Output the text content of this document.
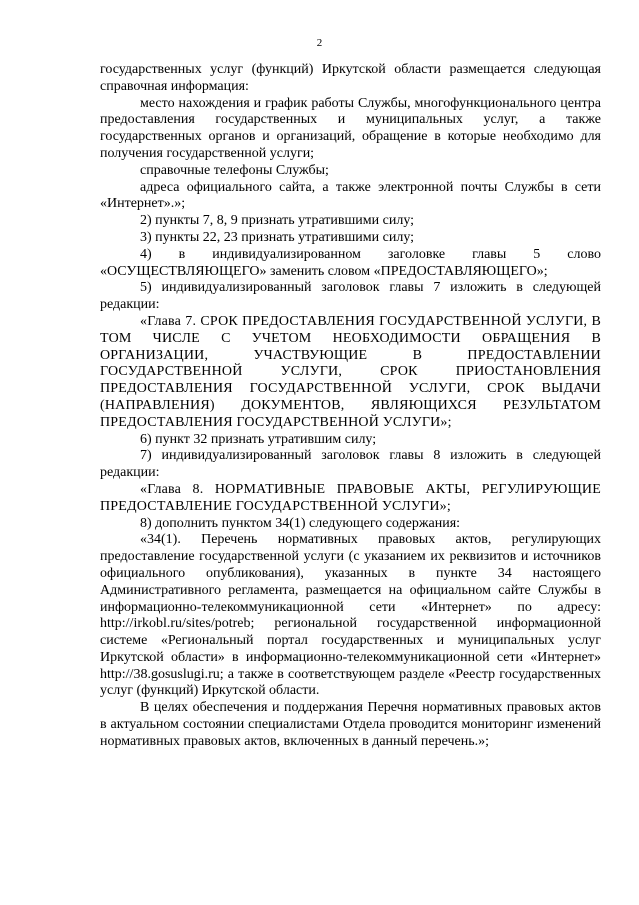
2

государственных услуг (функций) Иркутской области размещается следующая справочная информация:

место нахождения и график работы Службы, многофункционального центра предоставления государственных и муниципальных услуг, а также государственных органов и организаций, обращение в которые необходимо для получения государственной услуги;

справочные телефоны Службы;

адреса официального сайта, а также электронной почты Службы в сети «Интернет».»;

2) пункты 7, 8, 9 признать утратившими силу;

3) пункты 22, 23 признать утратившими силу;

4) в индивидуализированном заголовке главы 5 слово «ОСУЩЕСТВЛЯЮЩЕГО» заменить словом «ПРЕДОСТАВЛЯЮЩЕГО»;

5) индивидуализированный заголовок главы 7 изложить в следующей редакции:

«Глава 7. СРОК ПРЕДОСТАВЛЕНИЯ ГОСУДАРСТВЕННОЙ УСЛУГИ, В ТОМ ЧИСЛЕ С УЧЕТОМ НЕОБХОДИМОСТИ ОБРАЩЕНИЯ В ОРГАНИЗАЦИИ, УЧАСТВУЮЩИЕ В ПРЕДОСТАВЛЕНИИ ГОСУДАРСТВЕННОЙ УСЛУГИ, СРОК ПРИОСТАНОВЛЕНИЯ ПРЕДОСТАВЛЕНИЯ ГОСУДАРСТВЕННОЙ УСЛУГИ, СРОК ВЫДАЧИ (НАПРАВЛЕНИЯ) ДОКУМЕНТОВ, ЯВЛЯЮЩИХСЯ РЕЗУЛЬТАТОМ ПРЕДОСТАВЛЕНИЯ ГОСУДАРСТВЕННОЙ УСЛУГИ»;

6) пункт 32 признать утратившим силу;

7) индивидуализированный заголовок главы 8 изложить в следующей редакции:

«Глава 8. НОРМАТИВНЫЕ ПРАВОВЫЕ АКТЫ, РЕГУЛИРУЮЩИЕ ПРЕДОСТАВЛЕНИЕ ГОСУДАРСТВЕННОЙ УСЛУГИ»;

8) дополнить пунктом 34(1) следующего содержания:

«34(1). Перечень нормативных правовых актов, регулирующих предоставление государственной услуги (с указанием их реквизитов и источников официального опубликования), указанных в пункте 34 настоящего Административного регламента, размещается на официальном сайте Службы в информационно-телекоммуникационной сети «Интернет» по адресу: http://irkobl.ru/sites/potreb; региональной государственной информационной системе «Региональный портал государственных и муниципальных услуг Иркутской области» в информационно-телекоммуникационной сети «Интернет» http://38.gosuslugi.ru; а также в соответствующем разделе «Реестр государственных услуг (функций) Иркутской области.

В целях обеспечения и поддержания Перечня нормативных правовых актов в актуальном состоянии специалистами Отдела проводится мониторинг изменений нормативных правовых актов, включенных в данный перечень.»;
